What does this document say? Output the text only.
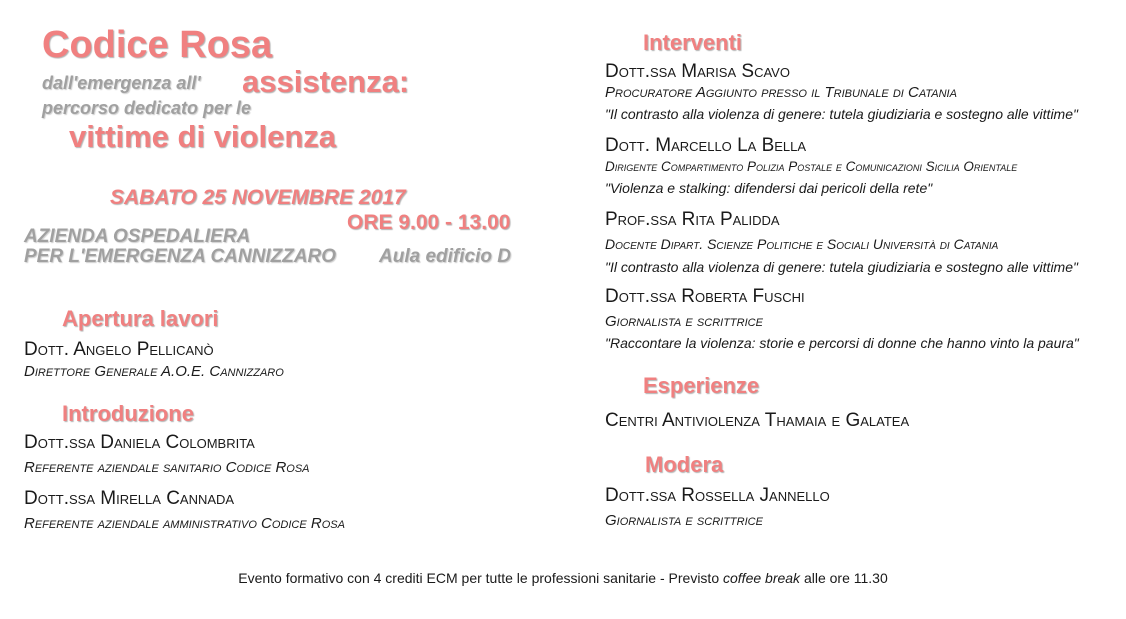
Codice Rosa
dall'emergenza all' assistenza:
percorso dedicato per le
vittime di violenza
SABATO 25 NOVEMBRE 2017
ORE 9.00 - 13.00
AZIENDA OSPEDALIERA
PER L'EMERGENZA CANNIZZARO Aula edificio D
Apertura lavori
Dott. Angelo Pellicanò
Direttore Generale A.O.E. Cannizzaro
Introduzione
Dott.ssa Daniela Colombrita
Referente aziendale sanitario Codice Rosa
Dott.ssa Mirella Cannada
Referente aziendale amministrativo Codice Rosa
Interventi
Dott.ssa Marisa Scavo
Procuratore Aggiunto presso il Tribunale di Catania
"Il contrasto alla violenza di genere: tutela giudiziaria e sostegno alle vittime"
Dott. Marcello La Bella
Dirigente Compartimento Polizia Postale e Comunicazioni Sicilia Orientale
"Violenza e stalking: difendersi dai pericoli della rete"
Prof.ssa Rita Palidda
Docente Dipart. Scienze Politiche e Sociali Università di Catania
"Il contrasto alla violenza di genere: tutela giudiziaria e sostegno alle vittime"
Dott.ssa Roberta Fuschi
Giornalista e scrittrice
"Raccontare la violenza: storie e percorsi di donne che hanno vinto la paura"
Esperienze
Centri Antiviolenza Thamaia e Galatea
Modera
Dott.ssa Rossella Jannello
Giornalista e scrittrice
Evento formativo con 4 crediti ECM per tutte le professioni sanitarie - Previsto coffee break alle ore 11.30
